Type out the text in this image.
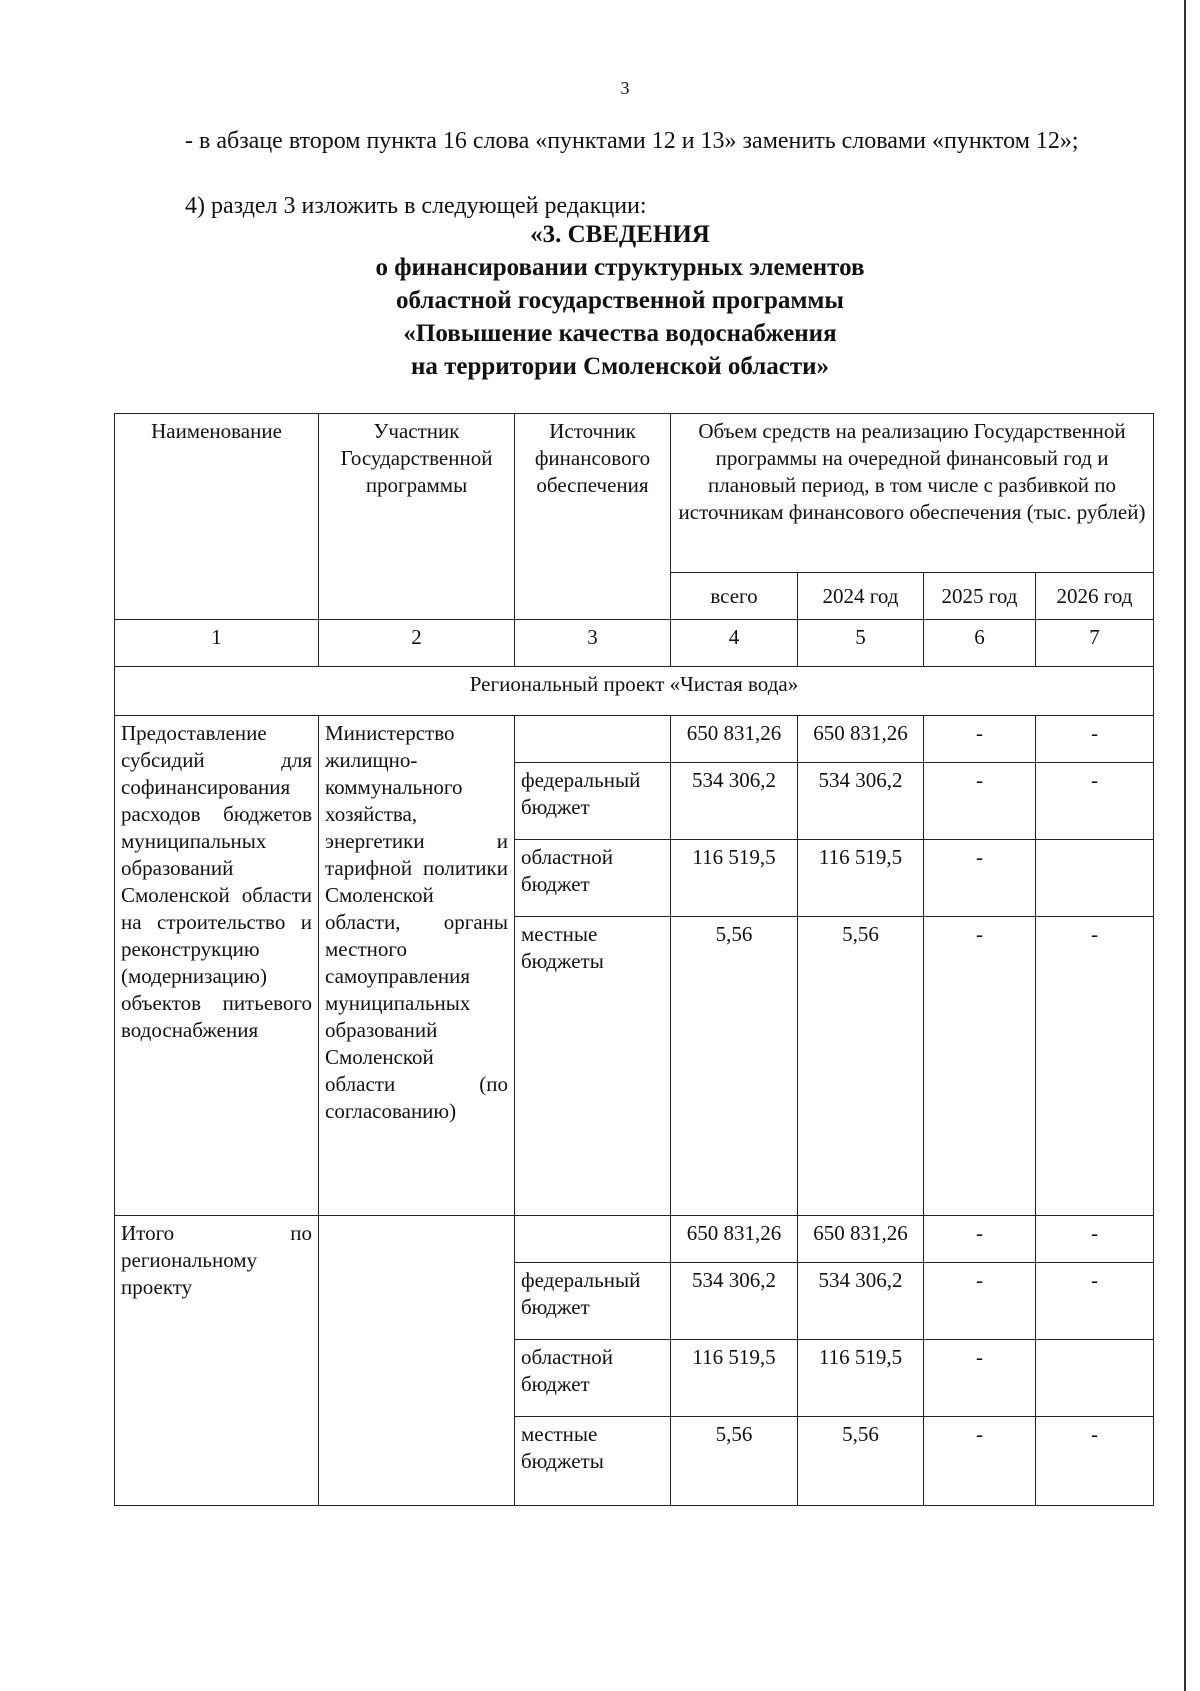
3
- в абзаце втором пункта 16 слова «пунктами 12 и 13» заменить словами «пунктом 12»;
4) раздел 3 изложить в следующей редакции:
«3. СВЕДЕНИЯ
о финансировании структурных элементов
областной государственной программы
«Повышение качества водоснабжения
на территории Смоленской области»
Наименование	Участник Государственной программы	Источник финансового обеспечения	Объем средств на реализацию Государственной программы на очередной финансовый год и плановый период, в том числе с разбивкой по источникам финансового обеспечения (тыс. рублей)			
			всего	2024 год	2025 год	2026 год
1	2	3	4	5	6	7
Региональный проект «Чистая вода»						
Предоставление субсидий для софинансирования расходов бюджетов муниципальных образований Смоленской области на строительство и реконструкцию (модернизацию) объектов питьевого водоснабжения	Министерство жилищно-коммунального хозяйства, энергетики и тарифной политики Смоленской области, органы местного самоуправления муниципальных образований Смоленской области (по согласованию)		650 831,26	650 831,26	-	-
		федеральный бюджет	534 306,2	534 306,2	-	-
		областной бюджет	116 519,5	116 519,5	-	
		местные бюджеты	5,56	5,56	-	-
Итого по региональному проекту			650 831,26	650 831,26	-	-
		федеральный бюджет	534 306,2	534 306,2	-	-
		областной бюджет	116 519,5	116 519,5	-	
		местные бюджеты	5,56	5,56	-	-
